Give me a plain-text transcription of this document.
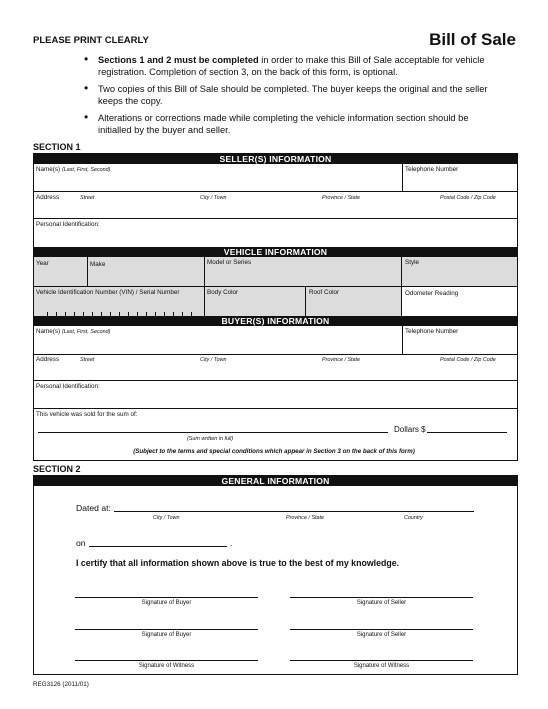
PLEASE PRINT CLEARLY	Bill of Sale
• Sections 1 and 2 must be completed in order to make this Bill of Sale acceptable for vehicle registration. Completion of section 3, on the back of this form, is optional.
• Two copies of this Bill of Sale should be completed. The buyer keeps the original and the seller keeps the copy.
• Alterations or corrections made while completing the vehicle information section should be initialled by the buyer and seller.
SECTION 1
SELLER(S) INFORMATION
Name(s) (Last, First, Second)	Telephone Number
Address	Street	City / Town	Province / State	Postal Code / Zip Code
Personal Identification:
VEHICLE INFORMATION
Year	Make	Model or Series	Style
Vehicle Identification Number (VIN) / Serial Number	Body Color	Roof Color	Odometer Reading
BUYER(S) INFORMATION
Name(s) (Last, First, Second)	Telephone Number
Address	Street	City / Town	Province / State	Postal Code / Zip Code
Personal Identification:
This vehicle was sold for the sum of:
Dollars $
(Sum written in full)
(Subject to the terms and special conditions which appear in Section 3 on the back of this form)
SECTION 2
GENERAL INFORMATION
Dated at:
City / Town	Province / State	Country
on	.
I certify that all information shown above is true to the best of my knowledge.
Signature of Buyer	Signature of Seller
Signature of Buyer	Signature of Seller
Signature of Witness	Signature of Witness
REG3126 (2011/01)
